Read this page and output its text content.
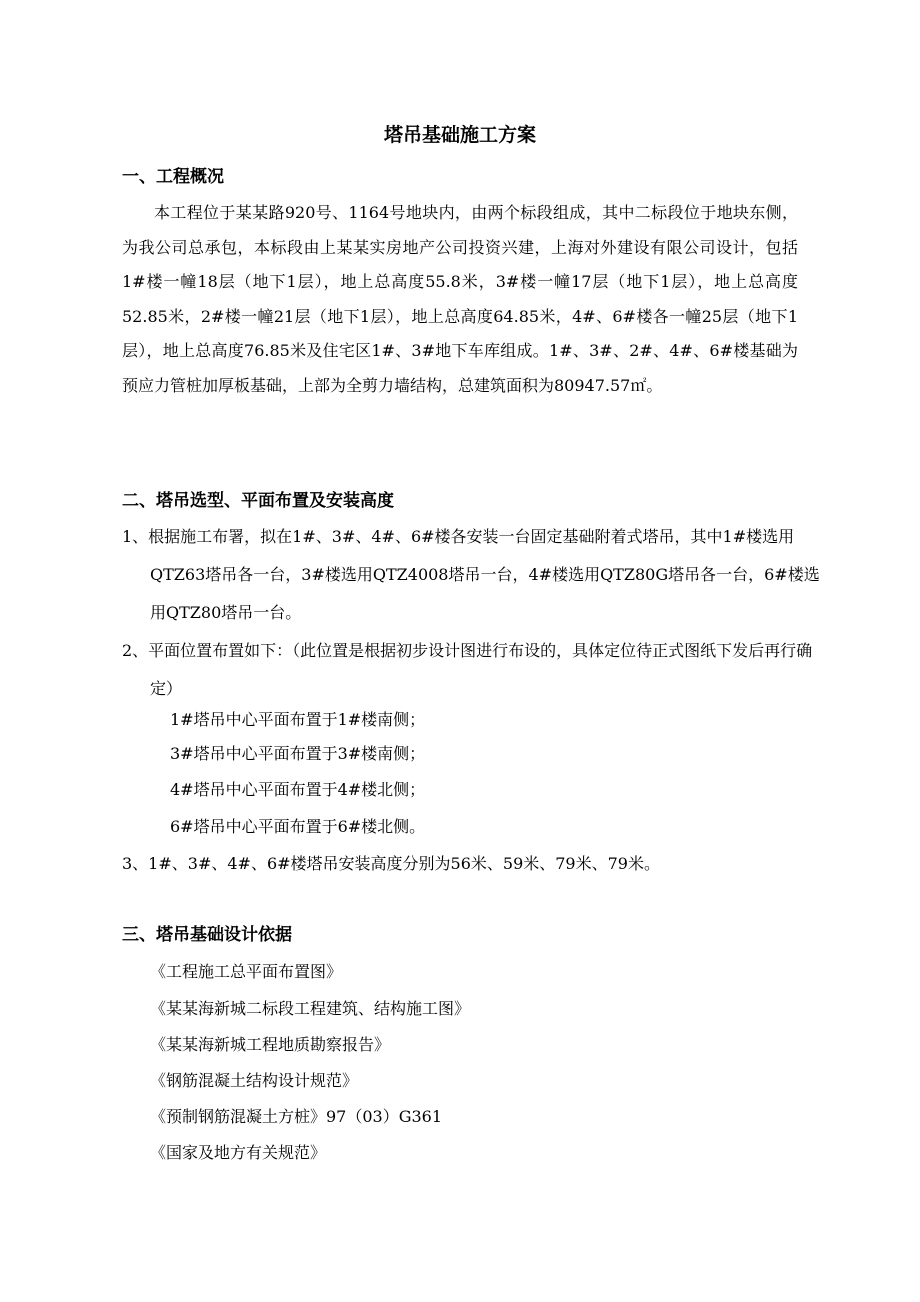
塔吊基础施工方案
一、工程概况

本工程位于某某路920号、1164号地块内，由两个标段组成，其中二标段位于地块东侧，为我公司总承包，本标段由上某某实房地产公司投资兴建，上海对外建设有限公司设计，包括1#楼一幢18层（地下1层），地上总高度55.8米，3#楼一幢17层（地下1层），地上总高度52.85米，2#楼一幢21层（地下1层），地上总高度64.85米，4#、6#楼各一幢25层（地下1层），地上总高度76.85米及住宅区1#、3#地下车库组成。1#、3#、2#、4#、6#楼基础为预应力管桩加厚板基础，上部为全剪力墙结构，总建筑面积为80947.57㎡。

二、塔吊选型、平面布置及安装高度

1、根据施工布署，拟在1#、3#、4#、6#楼各安装一台固定基础附着式塔吊，其中1#楼选用QTZ63塔吊各一台，3#楼选用QTZ4008塔吊一台，4#楼选用QTZ80G塔吊各一台，6#楼选用QTZ80塔吊一台。

2、平面位置布置如下：（此位置是根据初步设计图进行布设的，具体定位待正式图纸下发后再行确定）

1#塔吊中心平面布置于1#楼南侧；

3#塔吊中心平面布置于3#楼南侧；

4#塔吊中心平面布置于4#楼北侧；

6#塔吊中心平面布置于6#楼北侧。

3、1#、3#、4#、6#楼塔吊安装高度分别为56米、59米、79米、79米。

三、塔吊基础设计依据

《工程施工总平面布置图》

《某某海新城二标段工程建筑、结构施工图》

《某某海新城工程地质勘察报告》

《钢筋混凝土结构设计规范》

《预制钢筋混凝土方桩》97（03）G361

《国家及地方有关规范》
